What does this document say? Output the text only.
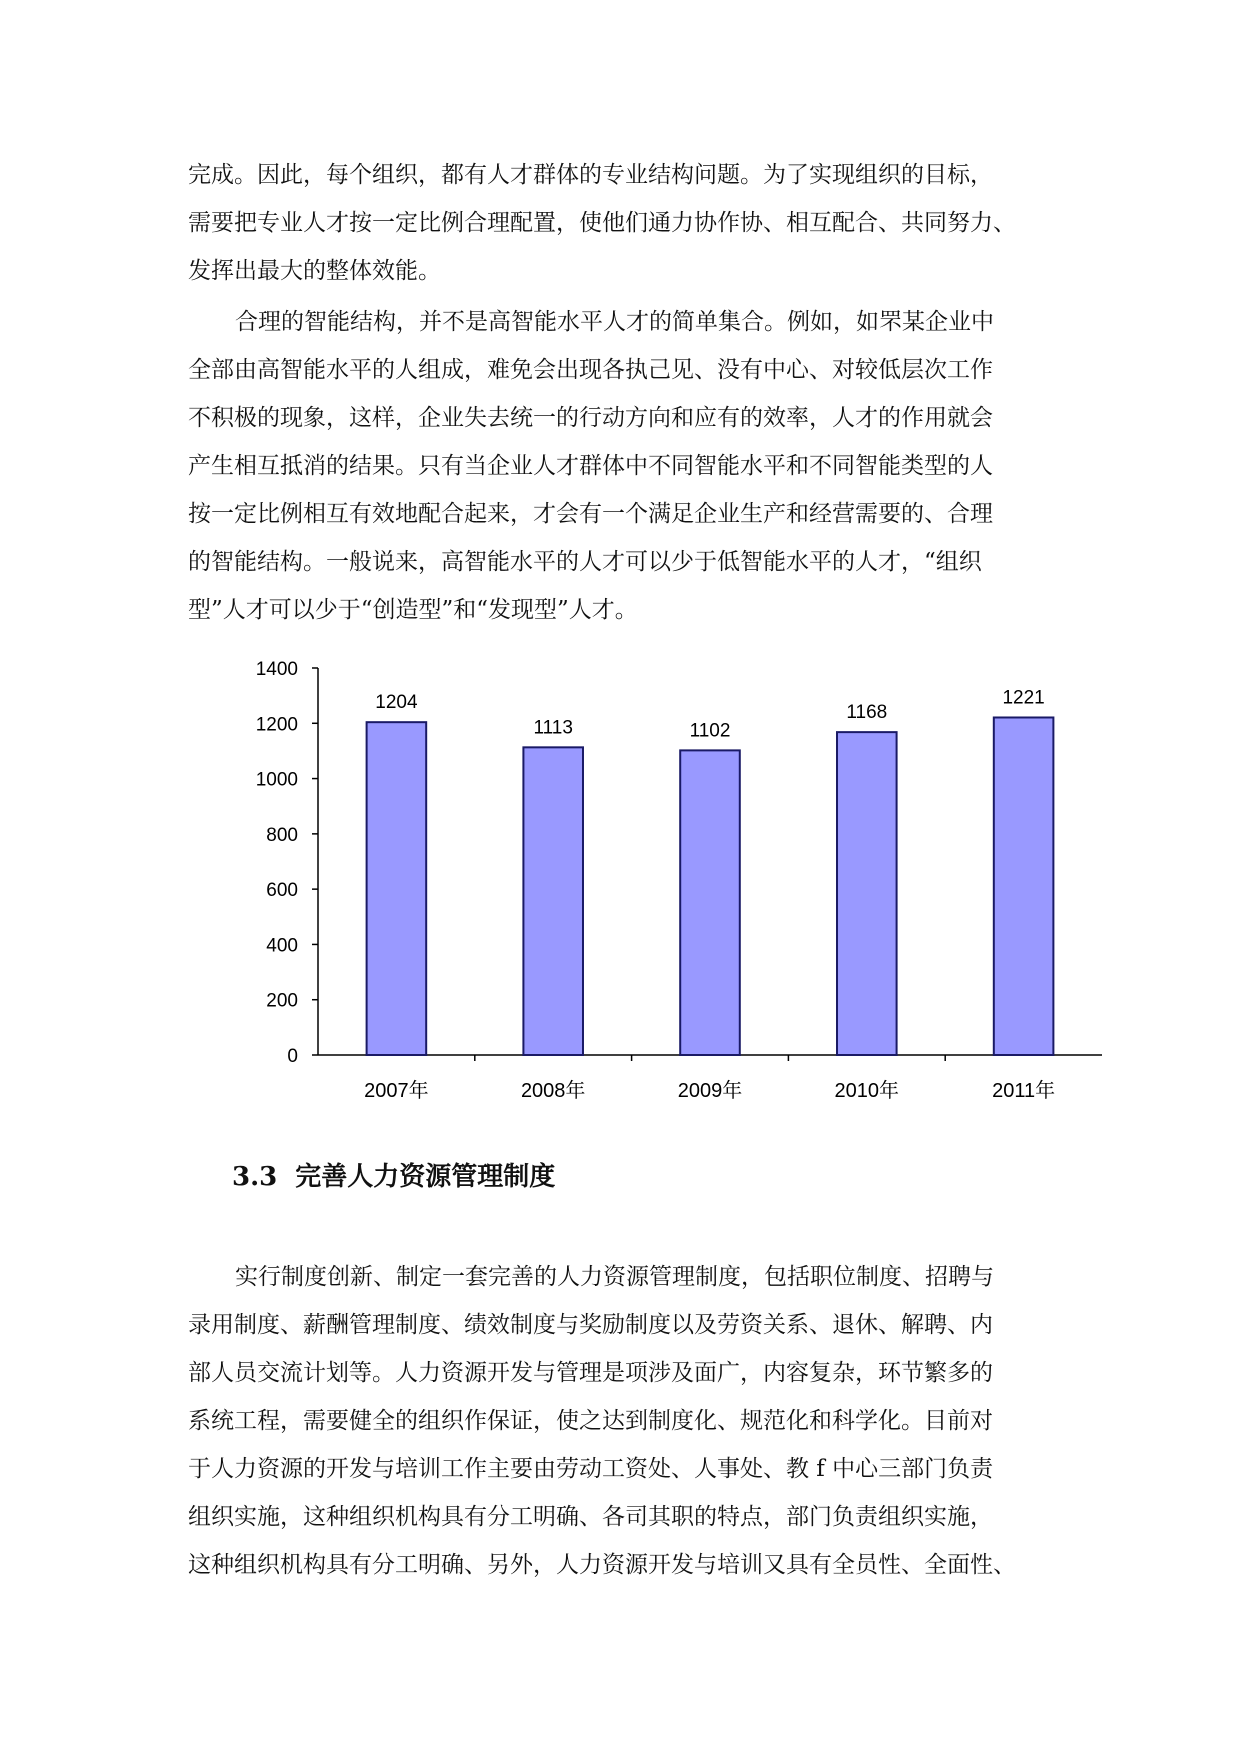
完成。因此，每个组织，都有人才群体的专业结构问题。为了实现组织的目标，
需要把专业人才按一定比例合理配置，使他们通力协作协、相互配合、共同努力、
发挥出最大的整体效能。
合理的智能结构，并不是高智能水平人才的简单集合。例如，如罘某企业中
全部由高智能水平的人组成，难免会出现各执己见、没有中心、对较低层次工作
不积极的现象，这样，企业失去统一的行动方向和应有的效率，人才的作用就会
产生相互抵消的结果。只有当企业人才群体中不同智能水平和不同智能类型的人
按一定比例相互有效地配合起来，才会有一个满足企业生产和经营需要的、合理
的智能结构。一般说来，高智能水平的人才可以少于低智能水平的人才，“组织
型”人才可以少于“创造型”和“发现型”人才。
0
200
400
600
800
1000
1200
1400
1204
2007年
1113
2008年
1102
2009年
1168
2010年
1221
2011年
3.3 完善人力资源管理制度
实行制度创新、制定一套完善的人力资源管理制度，包括职位制度、招聘与
录用制度、薪酬管理制度、绩效制度与奖励制度以及劳资关系、退休、解聘、内
部人员交流计划等。人力资源开发与管理是项涉及面广，内容复杂，环节繁多的
系统工程，需要健全的组织作保证，使之达到制度化、规范化和科学化。目前对
于人力资源的开发与培训工作主要由劳动工资处、人事处、教 f 中心三部门负责
组织实施，这种组织机构具有分工明确、各司其职的特点，部门负责组织实施，
这种组织机构具有分工明确、另外，人力资源开发与培训又具有全员性、全面性、
